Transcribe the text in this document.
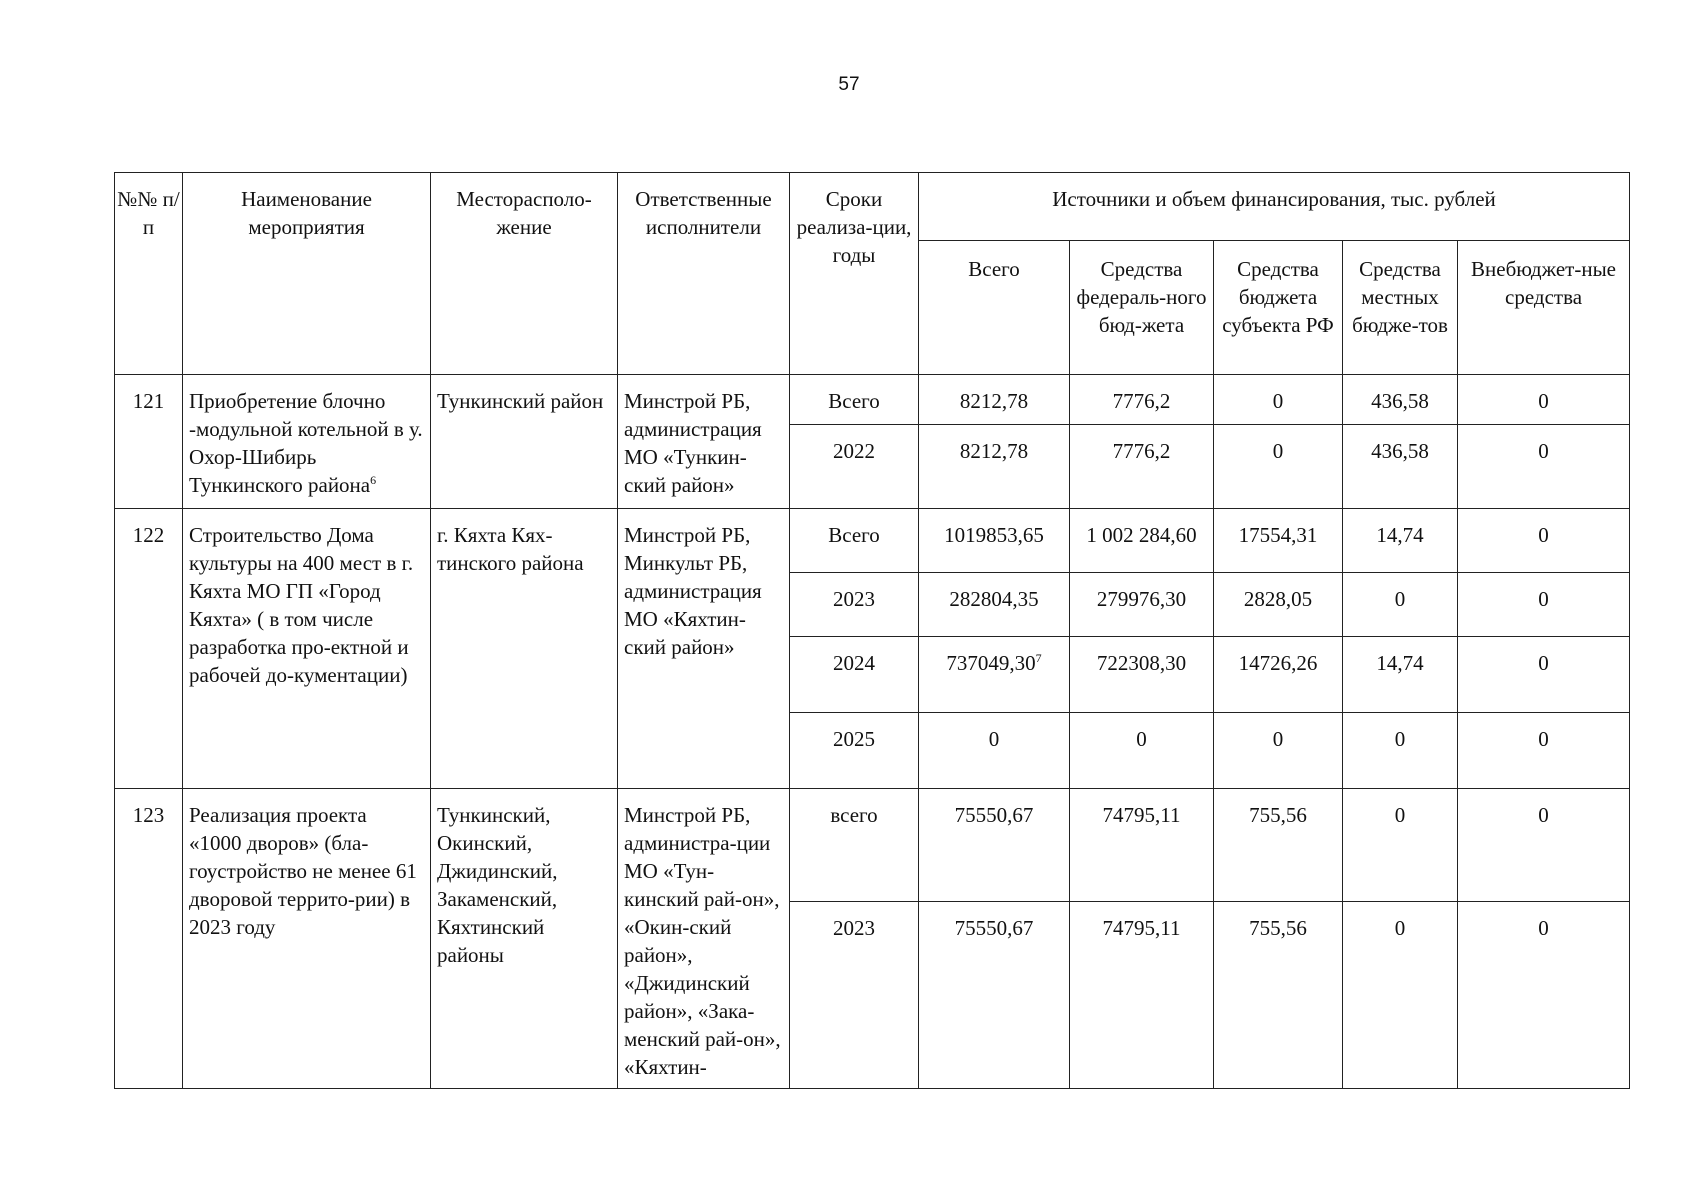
57
№№ п/п	Наименование мероприятия	Месторасполо-жение	Ответственные исполнители	Сроки реализа-ции, годы	Источники и объем финансирования, тыс. рублей				
					Всего	Средства федераль-ного бюд-жета	Средства бюджета субъекта РФ	Средства местных бюдже-тов	Внебюджет-ные средства
121	Приобретение блочно -модульной котельной в у. Охор-Шибирь Тункинского района$^6$	Тункинский район	Минстрой РБ, администрация МО «Тункин-ский район»	Всего	8212,78	7776,2	0	436,58	0
				2022	8212,78	7776,2	0	436,58	0
122	Строительство Дома культуры на 400 мест в г. Кяхта МО ГП «Город Кяхта» ( в том числе разработка про-ектной и рабочей до-кументации)	г. Кяхта Кях-тинского района	Минстрой РБ, Минкульт РБ, администрация МО «Кяхтин-ский район»	Всего	1019853,65	1 002 284,60	17554,31	14,74	0
				2023	282804,35	279976,30	2828,05	0	0
				2024	737049,30$^7$	722308,30	14726,26	14,74	0
				2025	0	0	0	0	0
123	Реализация проекта «1000 дворов» (бла-гоустройство не менее 61 дворовой террито-рии) в 2023 году	Тункинский, Окинский, Джидинский, Закаменский, Кяхтинский районы	Минстрой РБ, администра-ции МО «Тун-кинский рай-он», «Окин-ский район», «Джидинский район», «Зака-менский рай-он», «Кяхтин-	всего	75550,67	74795,11	755,56	0	0
				2023	75550,67	74795,11	755,56	0	0
